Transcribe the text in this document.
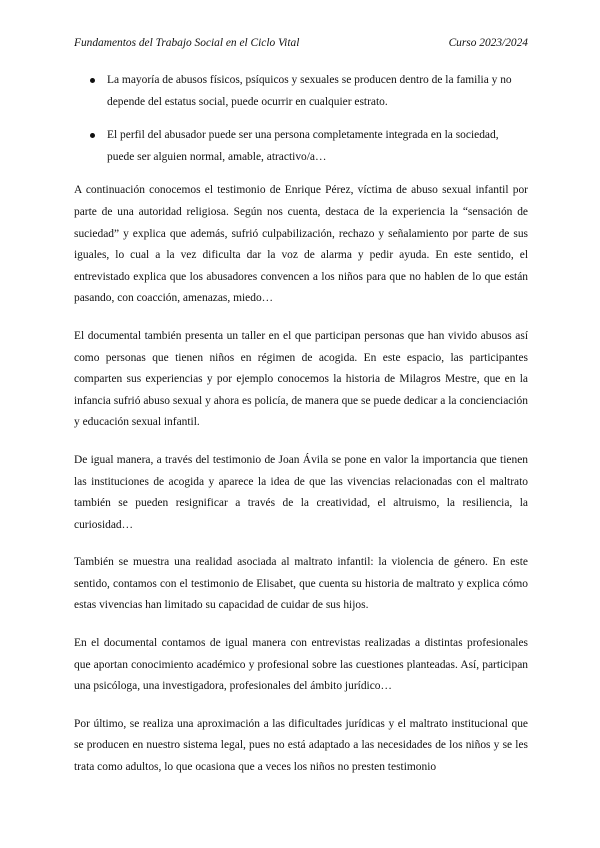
Fundamentos del Trabajo Social en el Ciclo Vital	Curso 2023/2024
La mayoría de abusos físicos, psíquicos y sexuales se producen dentro de la familia y no depende del estatus social, puede ocurrir en cualquier estrato.
El perfil del abusador puede ser una persona completamente integrada en la sociedad, puede ser alguien normal, amable, atractivo/a…

A continuación conocemos el testimonio de Enrique Pérez, víctima de abuso sexual infantil por parte de una autoridad religiosa. Según nos cuenta, destaca de la experiencia la “sensación de suciedad” y explica que además, sufrió culpabilización, rechazo y señalamiento por parte de sus iguales, lo cual a la vez dificulta dar la voz de alarma y pedir ayuda. En este sentido, el entrevistado explica que los abusadores convencen a los niños para que no hablen de lo que están pasando, con coacción, amenazas, miedo…

El documental también presenta un taller en el que participan personas que han vivido abusos así como personas que tienen niños en régimen de acogida. En este espacio, las participantes comparten sus experiencias y por ejemplo conocemos la historia de Milagros Mestre, que en la infancia sufrió abuso sexual y ahora es policía, de manera que se puede dedicar a la concienciación y educación sexual infantil.

De igual manera, a través del testimonio de Joan Ávila se pone en valor la importancia que tienen las instituciones de acogida y aparece la idea de que las vivencias relacionadas con el maltrato también se pueden resignificar a través de la creatividad, el altruismo, la resiliencia, la curiosidad…

También se muestra una realidad asociada al maltrato infantil: la violencia de género. En este sentido, contamos con el testimonio de Elisabet, que cuenta su historia de maltrato y explica cómo estas vivencias han limitado su capacidad de cuidar de sus hijos.

En el documental contamos de igual manera con entrevistas realizadas a distintas profesionales que aportan conocimiento académico y profesional sobre las cuestiones planteadas. Así, participan una psicóloga, una investigadora, profesionales del ámbito jurídico…

Por último, se realiza una aproximación a las dificultades jurídicas y el maltrato institucional que se producen en nuestro sistema legal, pues no está adaptado a las necesidades de los niños y se les trata como adultos, lo que ocasiona que a veces los niños no presten testimonio
